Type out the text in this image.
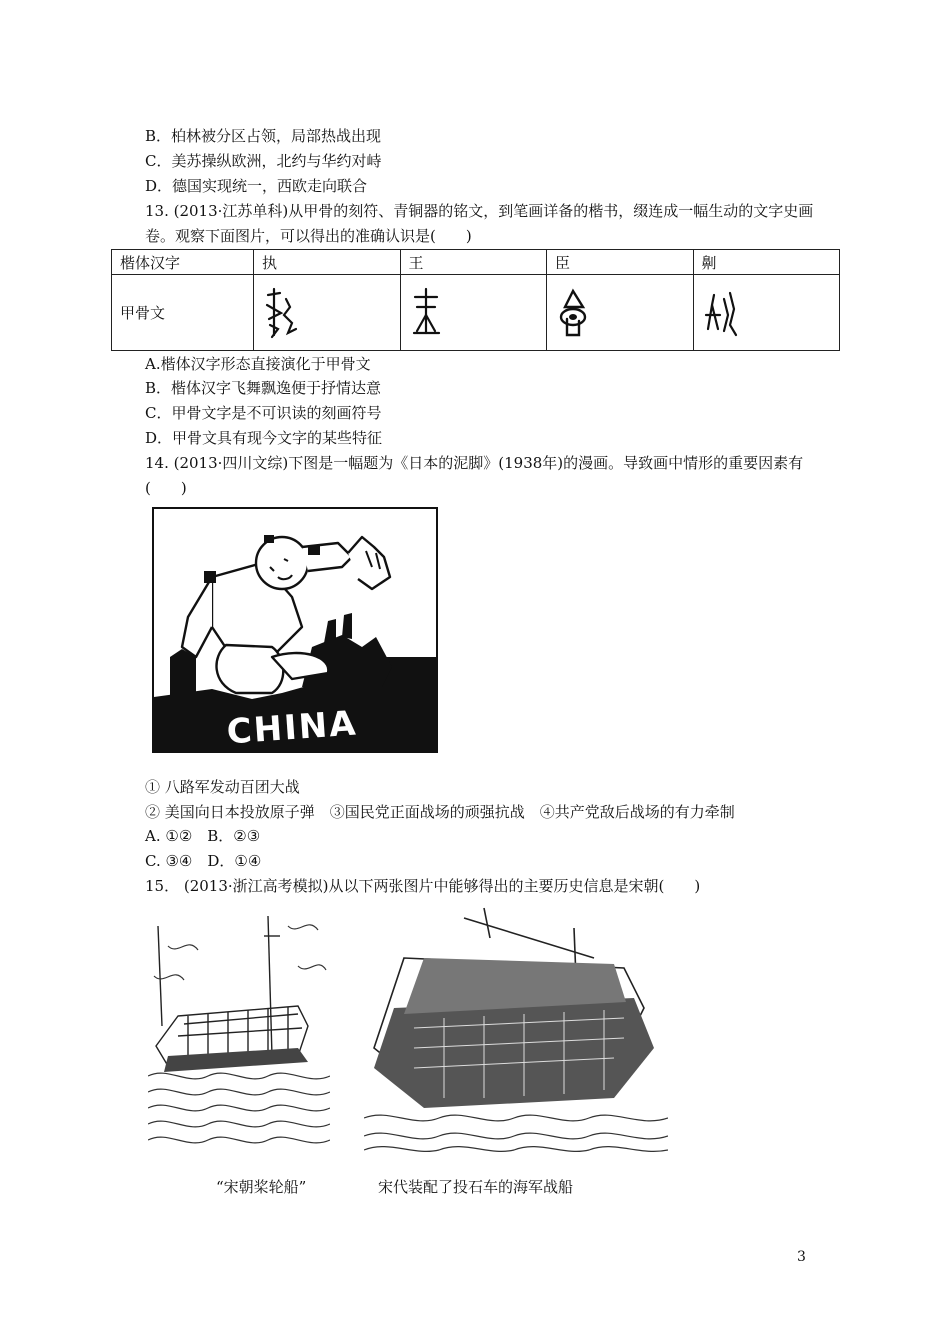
B．柏林被分区占领，局部热战出现
C．美苏操纵欧洲，北约与华约对峙
D．德国实现统一，西欧走向联合
13. (2013·江苏单科)从甲骨的刻符、青铜器的铭文，到笔画详备的楷书，缀连成一幅生动的文字史画卷。观察下面图片，可以得出的准确认识是(　　)
楷体汉字	执	王	臣	劓
甲骨文	

A.楷体汉字形态直接演化于甲骨文
B．楷体汉字飞舞飘逸便于抒情达意
C．甲骨文字是不可识读的刻画符号
D．甲骨文具有现今文字的某些特征
14. (2013·四川文综)下图是一幅题为《日本的泥脚》(1938年)的漫画。导致画中情形的重要因素有(　　)
CHINA
① 八路军发动百团大战
② 美国向日本投放原子弹　③国民党正面战场的顽强抗战　④共产党敌后战场的有力牵制
A. ①②　B．②③
C. ③④　D．①④
15． (2013·浙江高考模拟)从以下两张图片中能够得出的主要历史信息是宋朝(　　)
“宋朝桨轮船”	宋代装配了投石车的海军战船
3
